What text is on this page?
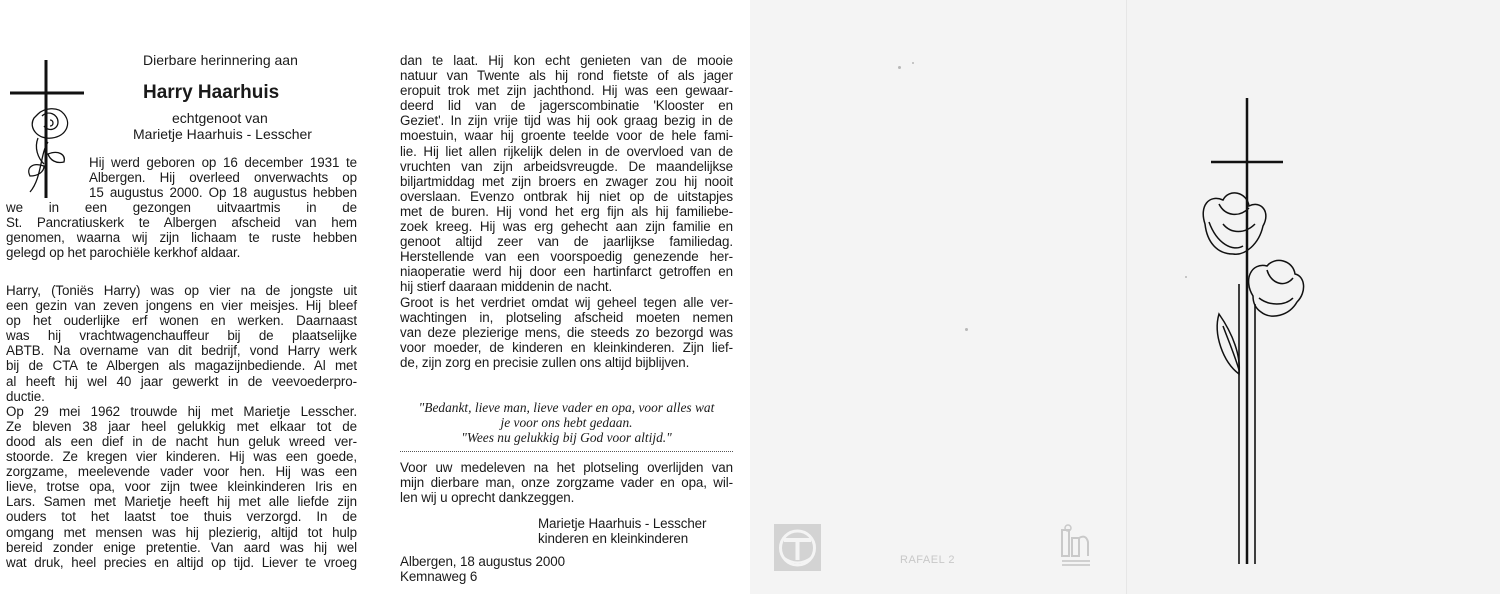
Dierbare herinnering aan
Harry Haarhuis
echtgenoot van
Marietje Haarhuis - Lesscher
Hij werd geboren op 16 december 1931 te
Albergen. Hij overleed onverwachts op
15 augustus 2000. Op 18 augustus hebben
we in een gezongen uitvaartmis in de
St. Pancratiuskerk te Albergen afscheid van hem
genomen, waarna wij zijn lichaam te ruste hebben
gelegd op het parochiële kerkhof aldaar.
Harry, (Toniës Harry) was op vier na de jongste uit
een gezin van zeven jongens en vier meisjes. Hij bleef
op het ouderlijke erf wonen en werken. Daarnaast
was hij vrachtwagenchauffeur bij de plaatselijke
ABTB. Na overname van dit bedrijf, vond Harry werk
bij de CTA te Albergen als magazijnbediende. Al met
al heeft hij wel 40 jaar gewerkt in de veevoederpro-
ductie.
Op 29 mei 1962 trouwde hij met Marietje Lesscher.
Ze bleven 38 jaar heel gelukkig met elkaar tot de
dood als een dief in de nacht hun geluk wreed ver-
stoorde. Ze kregen vier kinderen. Hij was een goede,
zorgzame, meelevende vader voor hen. Hij was een
lieve, trotse opa, voor zijn twee kleinkinderen Iris en
Lars. Samen met Marietje heeft hij met alle liefde zijn
ouders tot het laatst toe thuis verzorgd. In de
omgang met mensen was hij plezierig, altijd tot hulp
bereid zonder enige pretentie. Van aard was hij wel
wat druk, heel precies en altijd op tijd. Liever te vroeg
dan te laat. Hij kon echt genieten van de mooie
natuur van Twente als hij rond fietste of als jager
eropuit trok met zijn jachthond. Hij was een gewaar-
deerd lid van de jagerscombinatie 'Klooster en
Geziet'. In zijn vrije tijd was hij ook graag bezig in de
moestuin, waar hij groente teelde voor de hele fami-
lie. Hij liet allen rijkelijk delen in de overvloed van de
vruchten van zijn arbeidsvreugde. De maandelijkse
biljartmiddag met zijn broers en zwager zou hij nooit
overslaan. Evenzo ontbrak hij niet op de uitstapjes
met de buren. Hij vond het erg fijn als hij familiebe-
zoek kreeg. Hij was erg gehecht aan zijn familie en
genoot altijd zeer van de jaarlijkse familiedag.
Herstellende van een voorspoedig genezende her-
niaoperatie werd hij door een hartinfarct getroffen en
hij stierf daaraan middenin de nacht.
Groot is het verdriet omdat wij geheel tegen alle ver-
wachtingen in, plotseling afscheid moeten nemen
van deze plezierige mens, die steeds zo bezorgd was
voor moeder, de kinderen en kleinkinderen. Zijn lief-
de, zijn zorg en precisie zullen ons altijd bijblijven.
"Bedankt, lieve man, lieve vader en opa, voor alles wat
je voor ons hebt gedaan.
"Wees nu gelukkig bij God voor altijd."
Voor uw medeleven na het plotseling overlijden van
mijn dierbare man, onze zorgzame vader en opa, wil-
len wij u oprecht dankzeggen.
Marietje Haarhuis - Lesscher
kinderen en kleinkinderen
Albergen, 18 augustus 2000
Kemnaweg 6
RAFAEL 2
